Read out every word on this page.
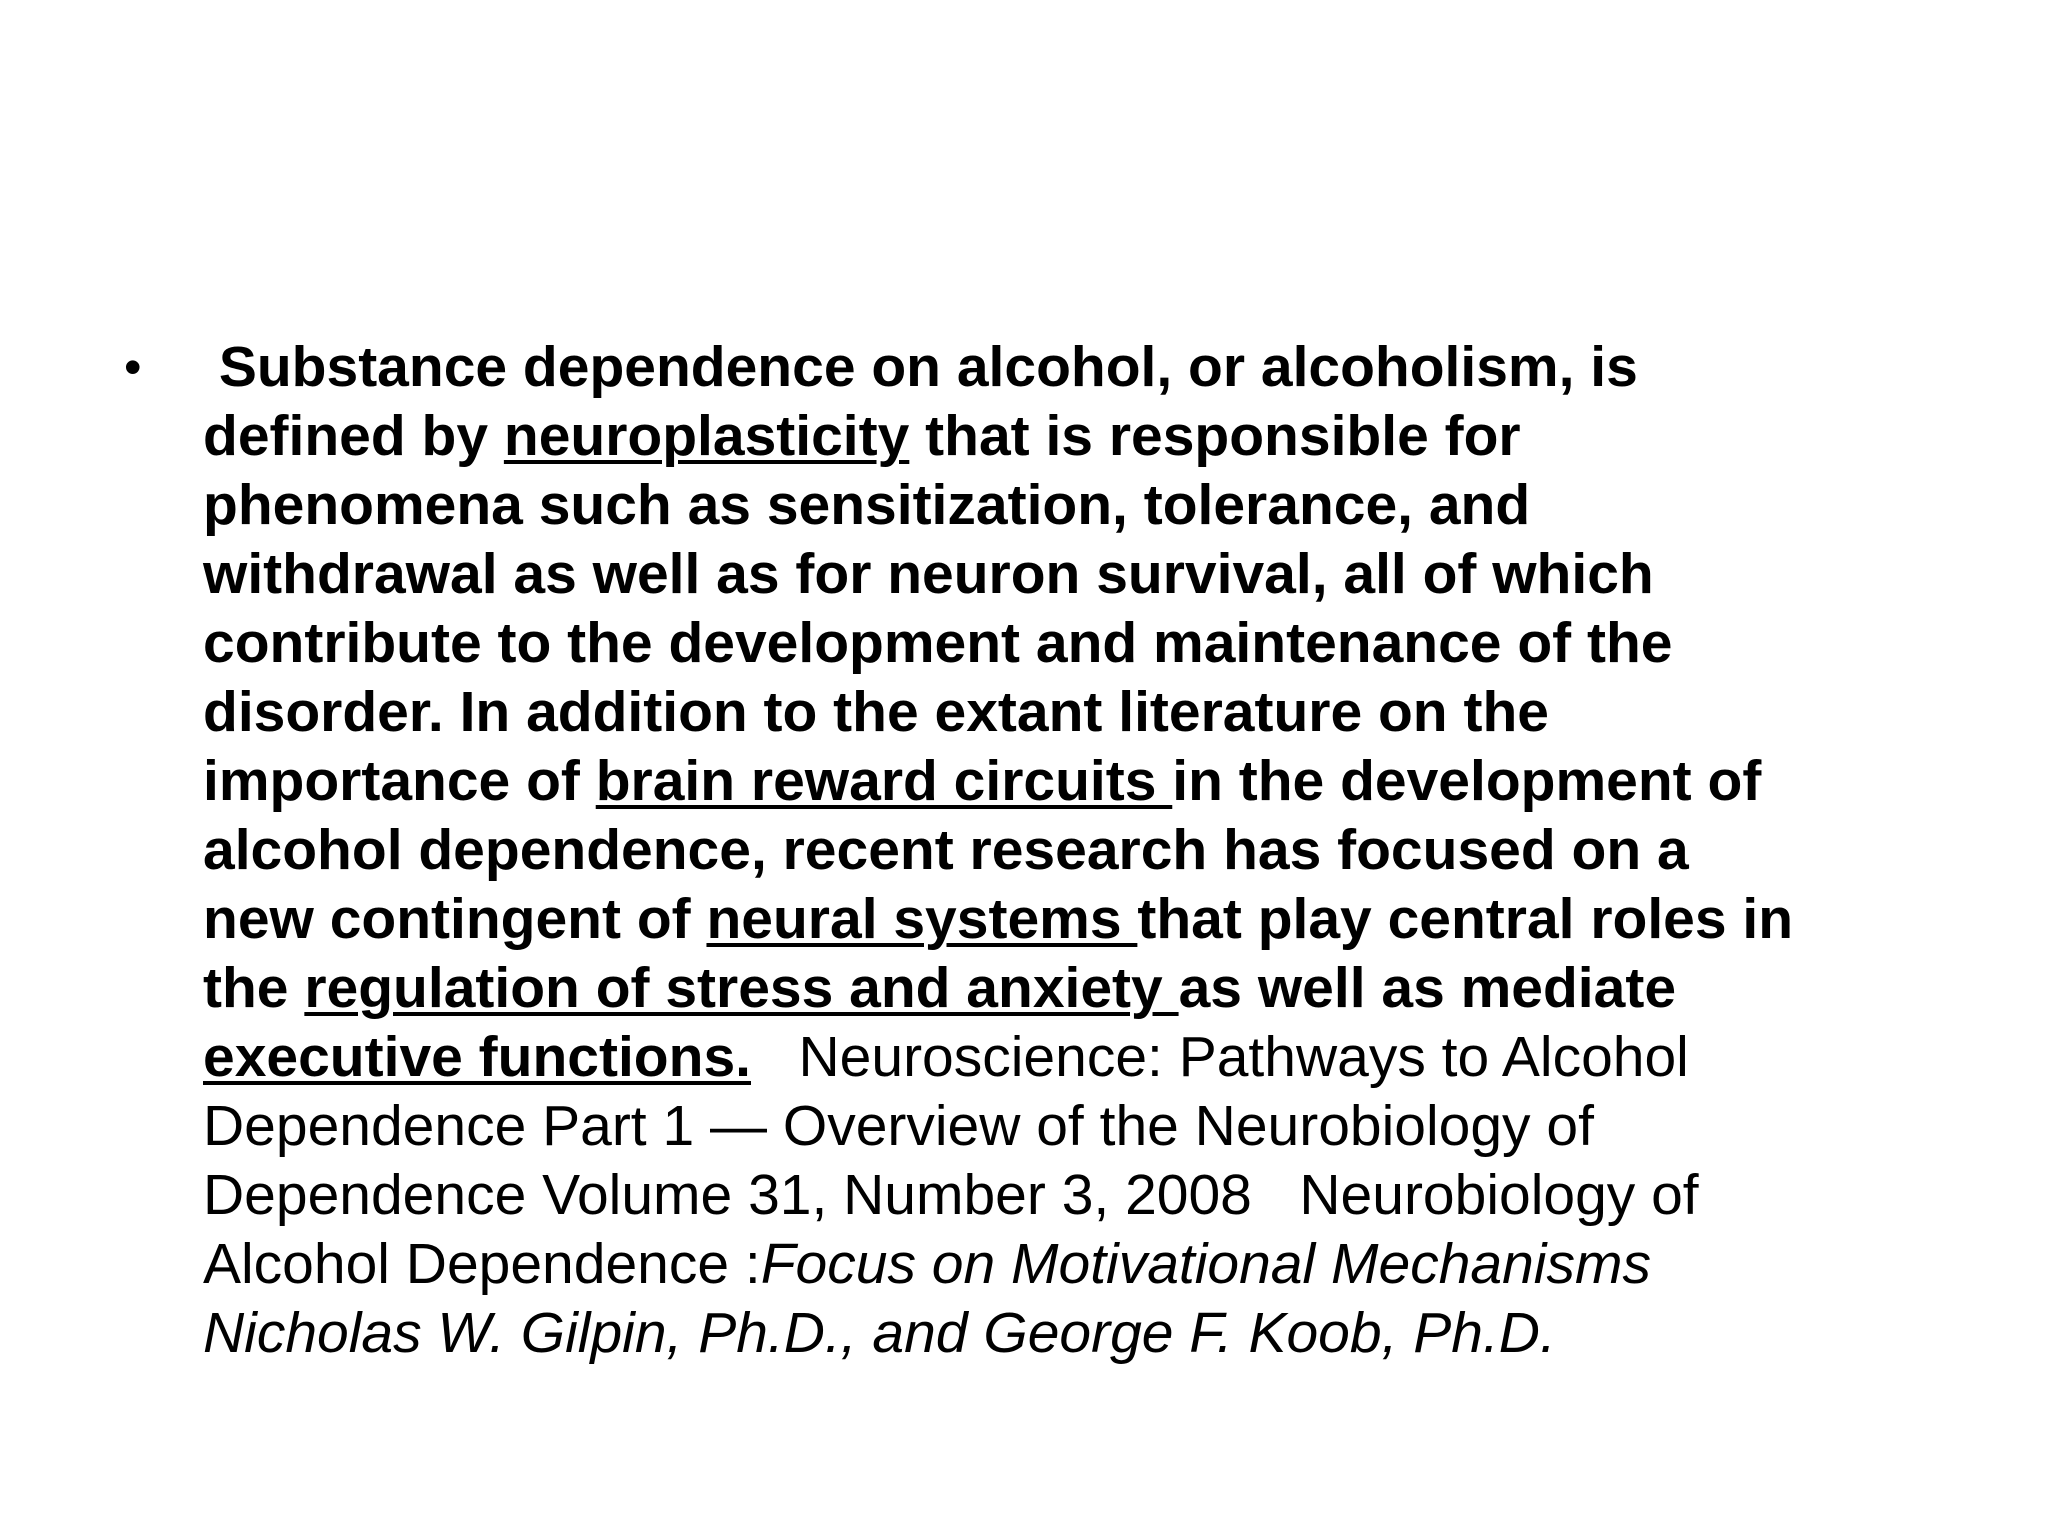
• Substance dependence on alcohol, or alcoholism, is
defined by neuroplasticity that is responsible for
phenomena such as sensitization, tolerance, and
withdrawal as well as for neuron survival, all of which
contribute to the development and maintenance of the
disorder. In addition to the extant literature on the
importance of brain reward circuits in the development of
alcohol dependence, recent research has focused on a
new contingent of neural systems that play central roles in
the regulation of stress and anxiety as well as mediate
executive functions.   Neuroscience: Pathways to Alcohol
Dependence Part 1 — Overview of the Neurobiology of
Dependence Volume 31, Number 3, 2008   Neurobiology of
Alcohol Dependence :Focus on Motivational Mechanisms
Nicholas W. Gilpin, Ph.D., and George F. Koob, Ph.D.
